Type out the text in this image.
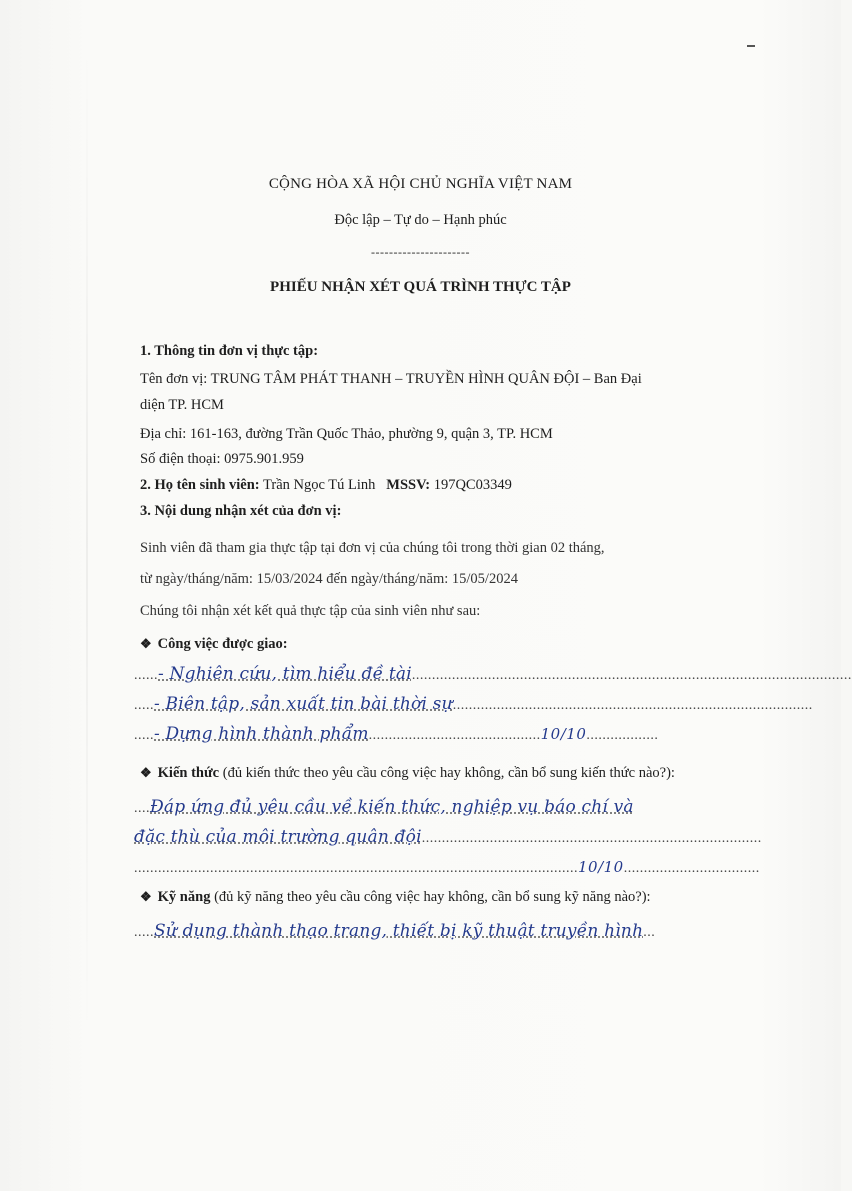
CỘNG HÒA XÃ HỘI CHỦ NGHĨA VIỆT NAM
Độc lập – Tự do – Hạnh phúc
----------------------
PHIẾU NHẬN XÉT QUÁ TRÌNH THỰC TẬP
1. Thông tin đơn vị thực tập:
Tên đơn vị: TRUNG TÂM PHÁT THANH – TRUYỀN HÌNH QUÂN ĐỘI – Ban Đại
diện TP. HCM
Địa chỉ: 161-163, đường Trần Quốc Thảo, phường 9, quận 3, TP. HCM
Số điện thoại: 0975.901.959
2. Họ tên sinh viên: Trần Ngọc Tú Linh MSSV: 197QC03349
3. Nội dung nhận xét của đơn vị:
Sinh viên đã tham gia thực tập tại đơn vị của chúng tôi trong thời gian 02 tháng,
từ ngày/tháng/năm: 15/03/2024 đến ngày/tháng/năm: 15/05/2024
Chúng tôi nhận xét kết quả thực tập của sinh viên như sau:
❖ Công việc được giao:
......- Nghiên cứu, tìm hiểu đề tài..............................................................................................................
.....- Biên tập, sản xuất tin bài thời sự..........................................................................................
.....- Dựng hình thành phẩm...........................................10/10..................
❖ Kiến thức (đủ kiến thức theo yêu cầu công việc hay không, cần bổ sung kiến thức nào?):
....Đáp ứng đủ yêu cầu về kiến thức, nghiệp vụ báo chí và
đặc thù của môi trường quân đội.....................................................................................
...............................................................................................................10/10..................................
❖ Kỹ năng (đủ kỹ năng theo yêu cầu công việc hay không, cần bổ sung kỹ năng nào?):
.....Sử dụng thành thạo trang, thiết bị kỹ thuật truyền hình...
